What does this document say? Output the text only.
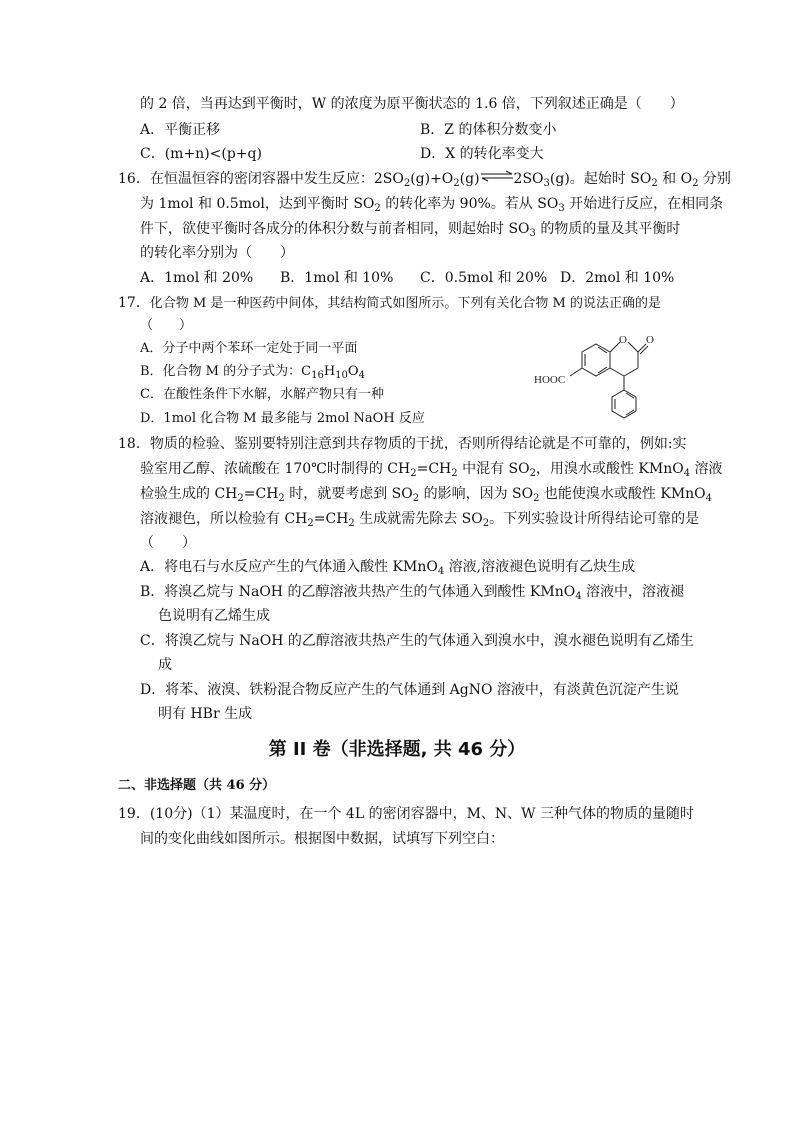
的 2 倍，当再达到平衡时，W 的浓度为原平衡状态的 1.6 倍，下列叙述正确是（　　）
A．平衡正移	B．Z 的体积分数变小
C．(m+n)<(p+q)	D．X 的转化率变大
16．在恒温恒容的密闭容器中发生反应：$2SO_2(g)+O_2(g)\rightleftharpoons 2SO_3(g)$。起始时 $SO_2$ 和 $O_2$ 分别
为 1mol 和 0.5mol，达到平衡时 $SO_2$ 的转化率为 90%。若从 $SO_3$ 开始进行反应，在相同条
件下，欲使平衡时各成分的体积分数与前者相同，则起始时 $SO_3$ 的物质的量及其平衡时
的转化率分别为（　　）
A．1mol 和 20% B．1mol 和 10% C．0.5mol 和 20% D．2mol 和 10%
17．化合物 M 是一种医药中间体，其结构简式如图所示。下列有关化合物 M 的说法正确的是
（　　）
A．分子中两个苯环一定处于同一平面
B．化合物 M 的分子式为：$C_{16}H_{10}O_4$
C．在酸性条件下水解，水解产物只有一种
D．1mol 化合物 M 最多能与 2mol NaOH 反应
O O
HOOC
18．物质的检验、鉴别要特别注意到共存物质的干扰，否则所得结论就是不可靠的，例如:实
验室用乙醇、浓硫酸在 170℃时制得的 $CH_2=CH_2$ 中混有 $SO_2$，用溴水或酸性 KMnO$_4$ 溶液
检验生成的 $CH_2=CH_2$ 时，就要考虑到 $SO_2$ 的影响，因为 $SO_2$ 也能使溴水或酸性 KMnO$_4$
溶液褪色，所以检验有 $CH_2=CH_2$ 生成就需先除去 $SO_2$。下列实验设计所得结论可靠的是
（　　）
A．将电石与水反应产生的气体通入酸性 KMnO$_4$ 溶液,溶液褪色说明有乙炔生成
B．将溴乙烷与 NaOH 的乙醇溶液共热产生的气体通入到酸性 KMnO$_4$ 溶液中，溶液褪
色说明有乙烯生成
C．将溴乙烷与 NaOH 的乙醇溶液共热产生的气体通入到溴水中，溴水褪色说明有乙烯生
成
D．将苯、液溴、铁粉混合物反应产生的气体通到 AgNO 溶液中，有淡黄色沉淀产生说
明有 HBr 生成
第 II 卷（非选择题, 共 46 分）
二、非选择题（共 46 分）
19．(10分)（1）某温度时，在一个 4L 的密闭容器中，M、N、W 三种气体的物质的量随时
间的变化曲线如图所示。根据图中数据，试填写下列空白：
